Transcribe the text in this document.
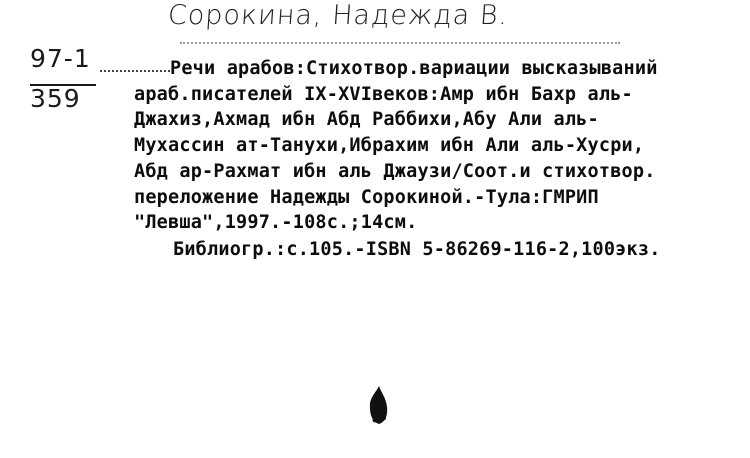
Сорокина, Надежда В.
97-1
359
Речи арабов:Стихотвор.вариации высказываний
араб.писателей IX-XVIвеков:Амр ибн Бахр аль-
Джахиз,Ахмад ибн Абд Раббихи,Абу Али аль-
Мухассин ат-Танухи,Ибрахим ибн Али аль-Хусри,
Абд ар-Рахмат ибн аль Джаузи/Соот.и стихотвор.
переложение Надежды Сорокиной.-Тула:ГМРИП
"Левша",1997.-108с.;14см.
Библиогр.:с.105.-ISBN 5-86269-116-2,100экз.
